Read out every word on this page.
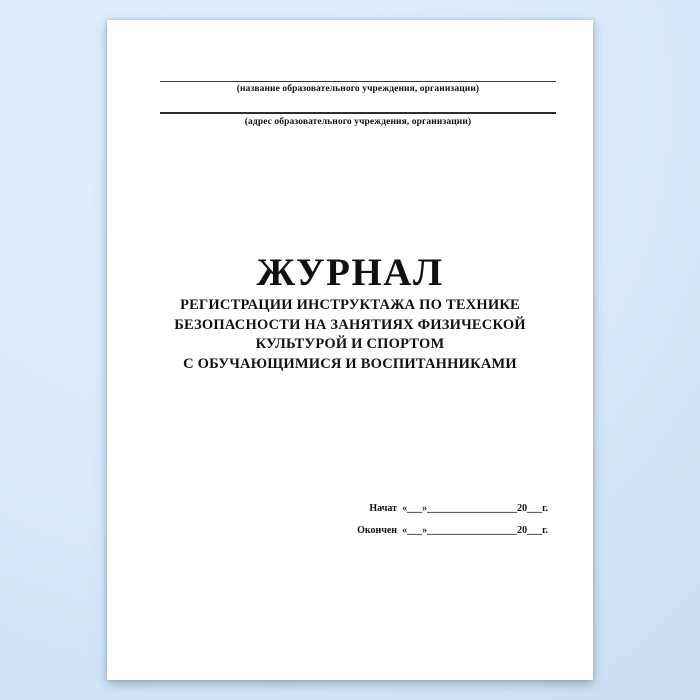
(название образовательного учреждения, организации)
(адрес образовательного учреждения, организации)
ЖУРНАЛ
РЕГИСТРАЦИИ ИНСТРУКТАЖА ПО ТЕХНИКЕ
БЕЗОПАСНОСТИ НА ЗАНЯТИЯХ ФИЗИЧЕСКОЙ
КУЛЬТУРОЙ И СПОРТОМ
С ОБУЧАЮЩИМИСЯ И ВОСПИТАННИКАМИ
Начат «___»__________________20___г.
Окончен «___»__________________20___г.
